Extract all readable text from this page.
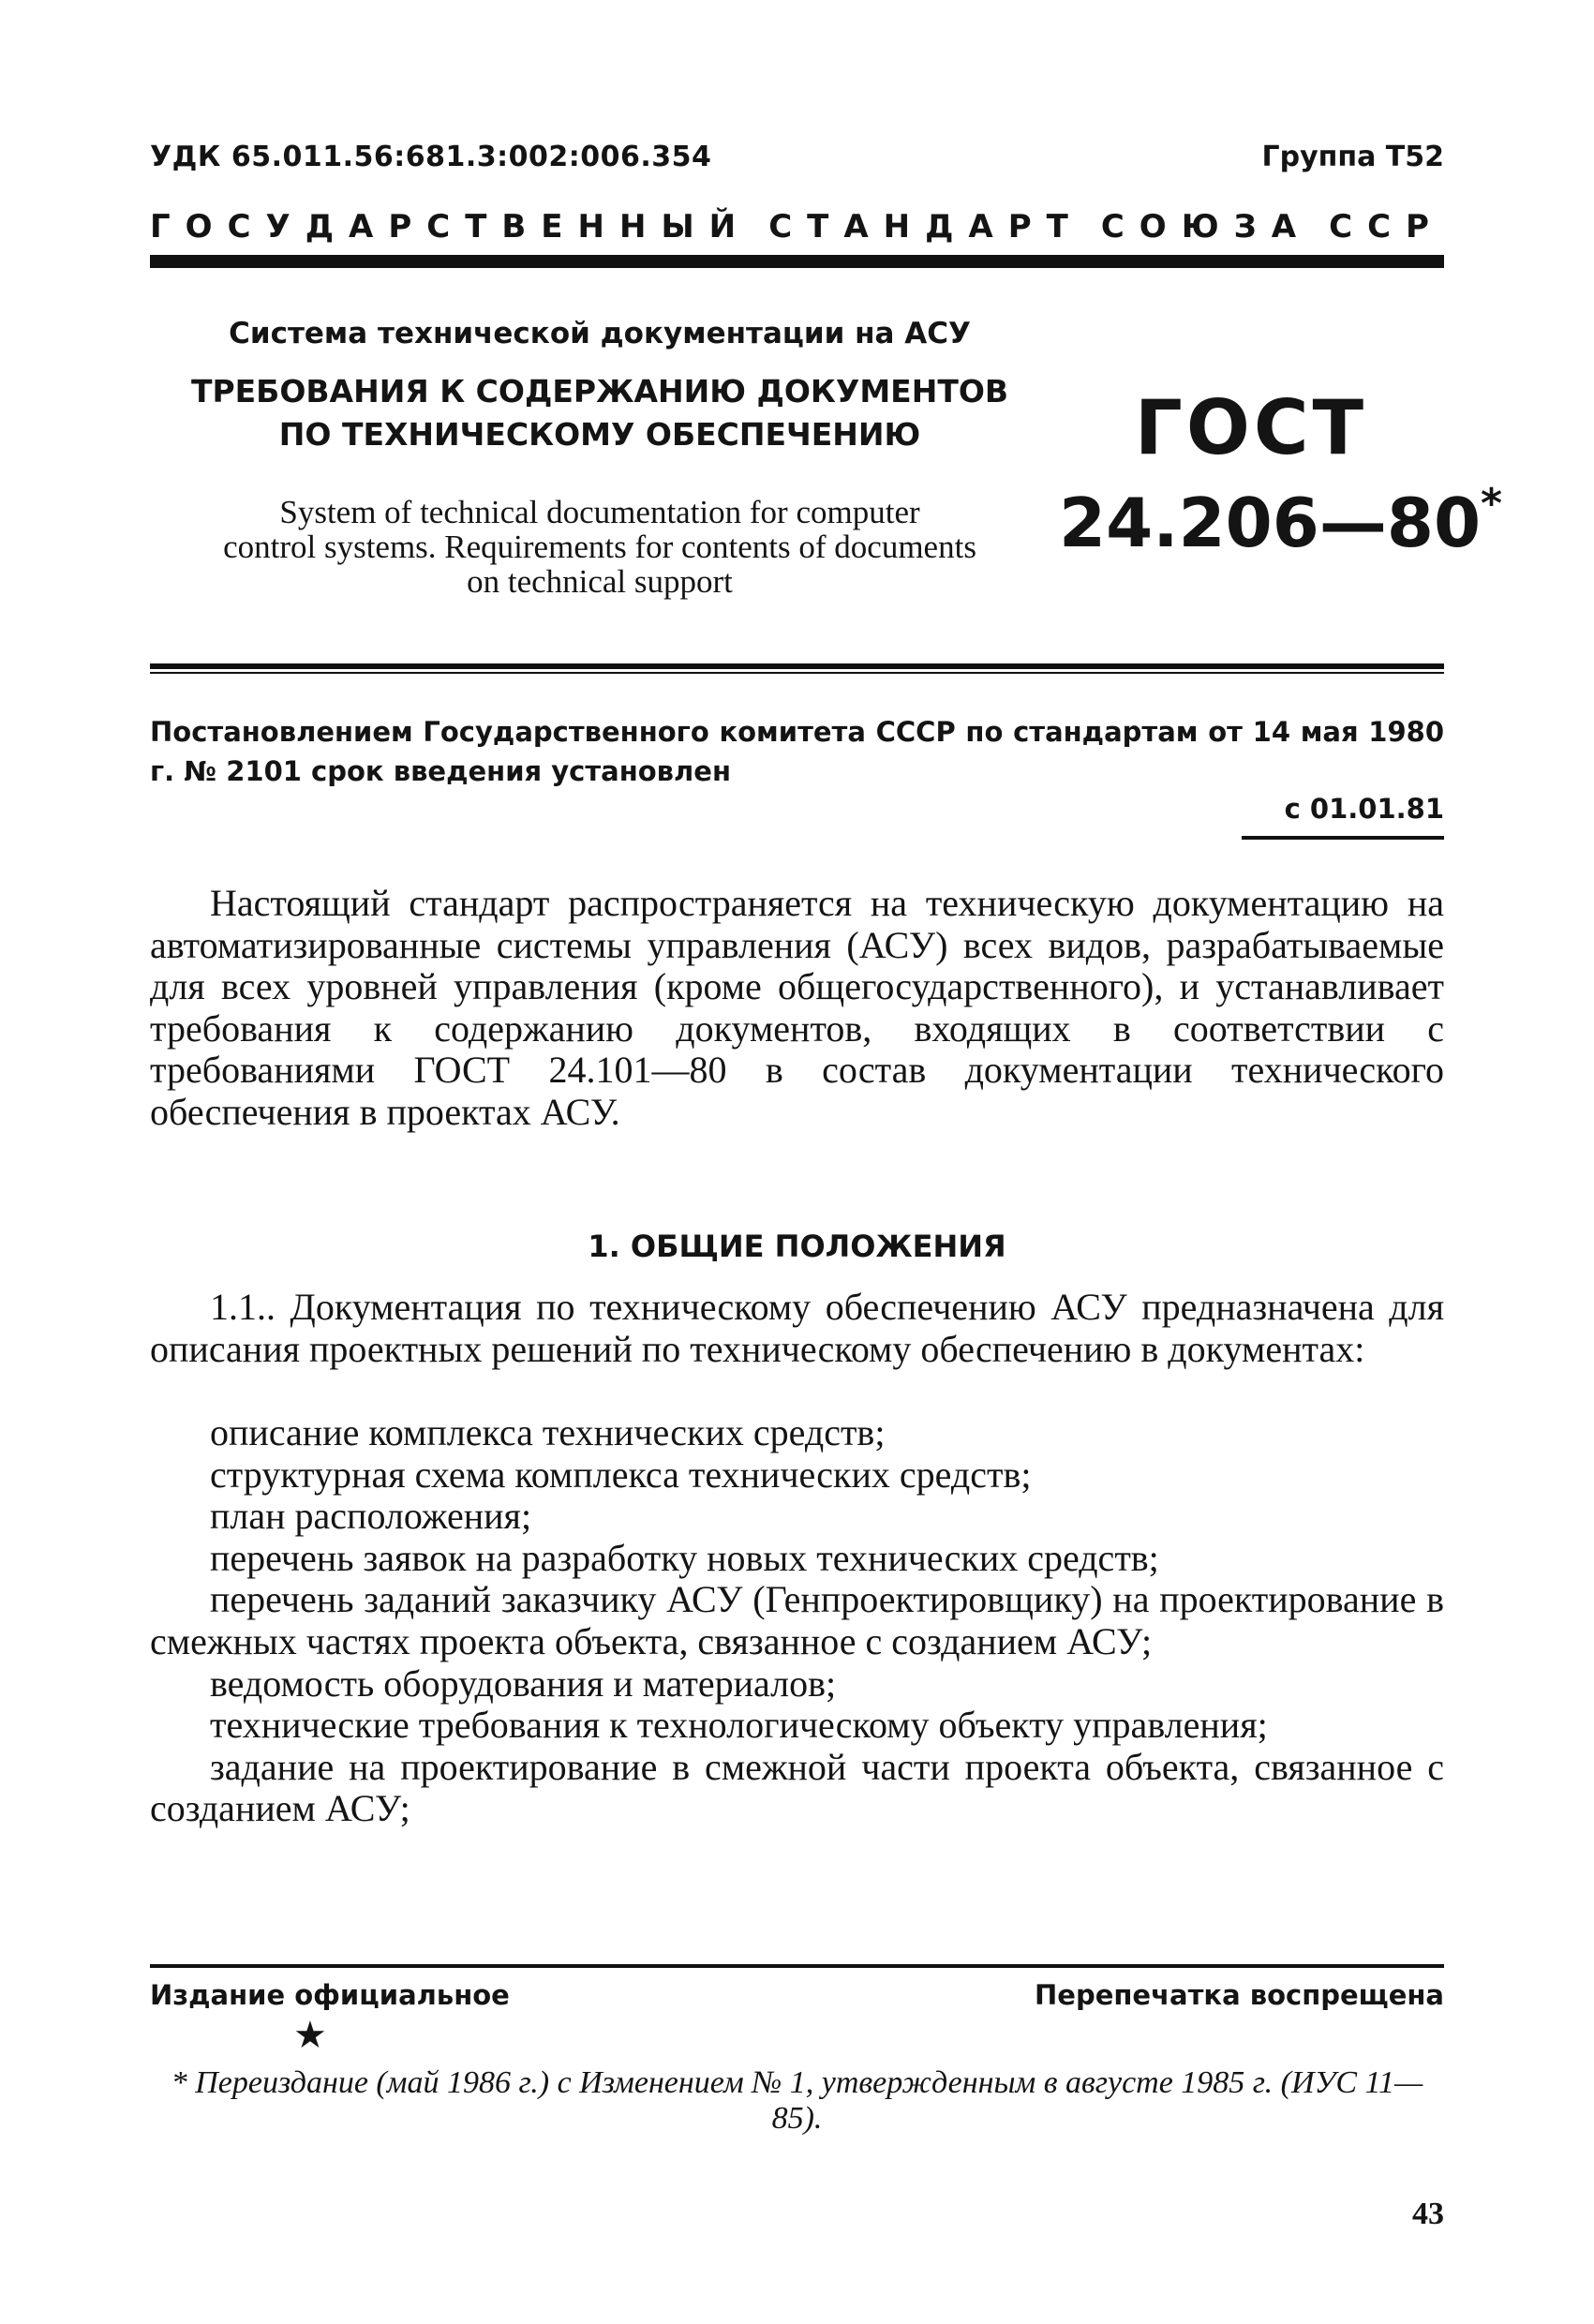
УДК 65.011.56:681.3:002:006.354	Группа Т52
ГОСУДАРСТВЕННЫЙ СТАНДАРТ СОЮЗА ССР
Система технической документации на АСУ
ТРЕБОВАНИЯ К СОДЕРЖАНИЮ ДОКУМЕНТОВ
ПО ТЕХНИЧЕСКОМУ ОБЕСПЕЧЕНИЮ
System of technical documentation for computer
control systems. Requirements for contents of documents
on technical support
ГОСТ
24.206—80*
Постановлением Государственного комитета СССР по стандартам от 14 мая 1980 г. № 2101 срок введения установлен
с 01.01.81

Настоящий стандарт распространяется на техническую документацию на автоматизированные системы управления (АСУ) всех видов, разрабатываемые для всех уровней управления (кроме общегосударственного), и устанавливает требования к содержанию документов, входящих в соответствии с требованиями ГОСТ 24.101—80 в состав документации технического обеспечения в проектах АСУ.

1. ОБЩИЕ ПОЛОЖЕНИЯ

1.1.. Документация по техническому обеспечению АСУ предназначена для описания проектных решений по техническому обеспечению в документах:

описание комплекса технических средств;
структурная схема комплекса технических средств;
план расположения;
перечень заявок на разработку новых технических средств;
перечень заданий заказчику АСУ (Генпроектировщику) на проектирование в смежных частях проекта объекта, связанное с созданием АСУ;
ведомость оборудования и материалов;
технические требования к технологическому объекту управления;
задание на проектирование в смежной части проекта объекта, связанное с созданием АСУ;
Издание официальное	Перепечатка воспрещена
★
* Переиздание (май 1986 г.) с Изменением № 1, утвержденным в августе 1985 г. (ИУС 11—85).
43
